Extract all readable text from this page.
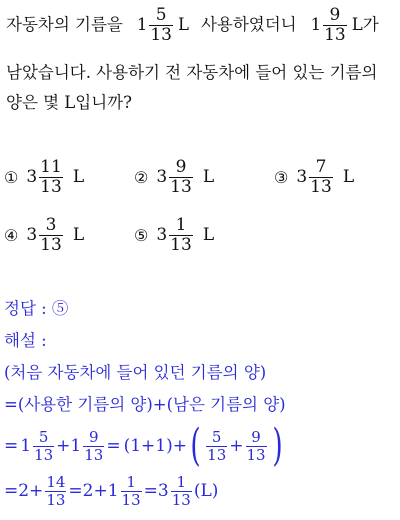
자동차의 기름을 $1 \frac{5}{13}$ L 사용하였더니 $1 \frac{9}{13}$ L 가
남았습니다. 사용하기 전 자동차에 들어 있는 기름의
양은 몇 L입니까?
① $3 \frac{11}{13}$ L	② $3 \frac{9}{13}$ L	③ $3 \frac{7}{13}$ L
④ $3 \frac{3}{13}$ L	⑤ $3 \frac{1}{13}$ L
정답 : ⑤
해설 :
(처음 자동차에 들어 있던 기름의 양)
=(사용한 기름의 양)+(남은 기름의 양)
= $1 \frac{5}{13} + 1 \frac{9}{13} = (1+1)+$ ( $\frac{5}{13} + \frac{9}{13}$ )
$=2+ \frac{14}{13} =2+ 1 \frac{1}{13} = 3 \frac{1}{13} (L)$
